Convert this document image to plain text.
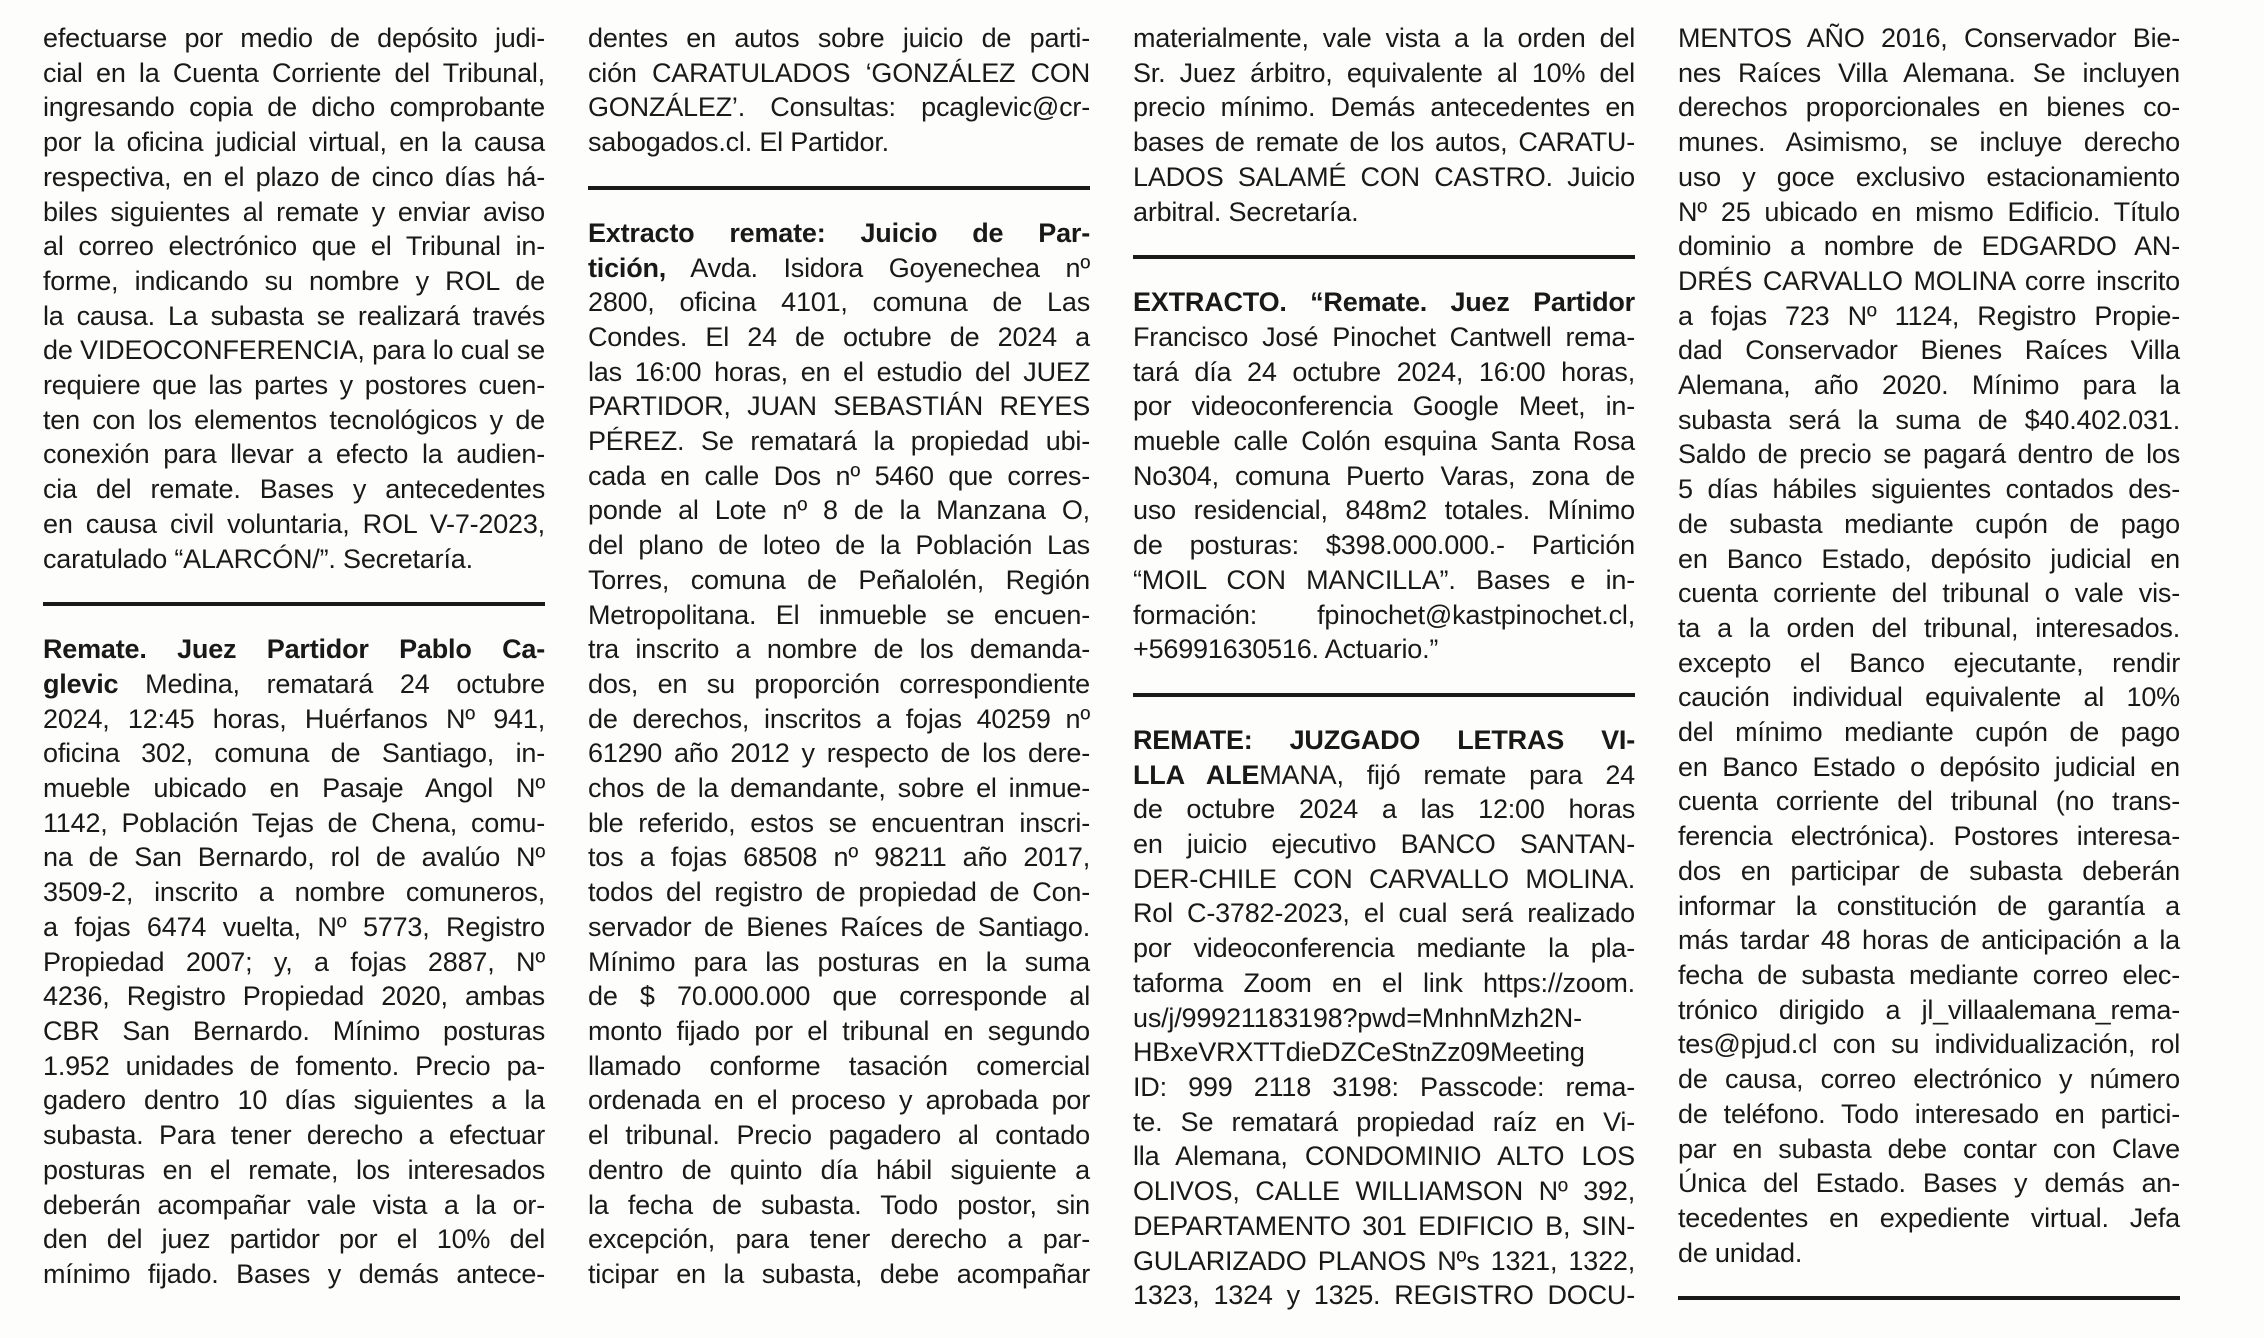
efectuarse por medio de depósito judi-
cial en la Cuenta Corriente del Tribunal,
ingresando copia de dicho comprobante
por la oficina judicial virtual, en la causa
respectiva, en el plazo de cinco días há-
biles siguientes al remate y enviar aviso
al correo electrónico que el Tribunal in-
forme, indicando su nombre y ROL de
la causa. La subasta se realizará través
de VIDEOCONFERENCIA, para lo cual se
requiere que las partes y postores cuen-
ten con los elementos tecnológicos y de
conexión para llevar a efecto la audien-
cia del remate. Bases y antecedentes
en causa civil voluntaria, ROL V-7-2023,
caratulado “ALARCÓN/”. Secretaría.
Remate. Juez Partidor Pablo Ca-
glevic Medina, rematará 24 octubre
2024, 12:45 horas, Huérfanos Nº 941,
oficina 302, comuna de Santiago, in-
mueble ubicado en Pasaje Angol Nº
1142, Población Tejas de Chena, comu-
na de San Bernardo, rol de avalúo Nº
3509-2, inscrito a nombre comuneros,
a fojas 6474 vuelta, Nº 5773, Registro
Propiedad 2007; y, a fojas 2887, Nº
4236, Registro Propiedad 2020, ambas
CBR San Bernardo. Mínimo posturas
1.952 unidades de fomento. Precio pa-
gadero dentro 10 días siguientes a la
subasta. Para tener derecho a efectuar
posturas en el remate, los interesados
deberán acompañar vale vista a la or-
den del juez partidor por el 10% del
mínimo fijado. Bases y demás antece-
dentes en autos sobre juicio de parti-
ción CARATULADOS ‘GONZÁLEZ CON
GONZÁLEZ’. Consultas: pcaglevic@cr-
sabogados.cl. El Partidor.
Extracto remate: Juicio de Par-
tición, Avda. Isidora Goyenechea nº
2800, oficina 4101, comuna de Las
Condes. El 24 de octubre de 2024 a
las 16:00 horas, en el estudio del JUEZ
PARTIDOR, JUAN SEBASTIÁN REYES
PÉREZ. Se rematará la propiedad ubi-
cada en calle Dos nº 5460 que corres-
ponde al Lote nº 8 de la Manzana O,
del plano de loteo de la Población Las
Torres, comuna de Peñalolén, Región
Metropolitana. El inmueble se encuen-
tra inscrito a nombre de los demanda-
dos, en su proporción correspondiente
de derechos, inscritos a fojas 40259 nº
61290 año 2012 y respecto de los dere-
chos de la demandante, sobre el inmue-
ble referido, estos se encuentran inscri-
tos a fojas 68508 nº 98211 año 2017,
todos del registro de propiedad de Con-
servador de Bienes Raíces de Santiago.
Mínimo para las posturas en la suma
de $ 70.000.000 que corresponde al
monto fijado por el tribunal en segundo
llamado conforme tasación comercial
ordenada en el proceso y aprobada por
el tribunal. Precio pagadero al contado
dentro de quinto día hábil siguiente a
la fecha de subasta. Todo postor, sin
excepción, para tener derecho a par-
ticipar en la subasta, debe acompañar
materialmente, vale vista a la orden del
Sr. Juez árbitro, equivalente al 10% del
precio mínimo. Demás antecedentes en
bases de remate de los autos, CARATU-
LADOS SALAMÉ CON CASTRO. Juicio
arbitral. Secretaría.
EXTRACTO. “Remate. Juez Partidor
Francisco José Pinochet Cantwell rema-
tará día 24 octubre 2024, 16:00 horas,
por videoconferencia Google Meet, in-
mueble calle Colón esquina Santa Rosa
No304, comuna Puerto Varas, zona de
uso residencial, 848m2 totales. Mínimo
de posturas: $398.000.000.- Partición
“MOIL CON MANCILLA”. Bases e in-
formación: fpinochet@kastpinochet.cl,
+56991630516. Actuario.”
REMATE: JUZGADO LETRAS VI-
LLA ALEMANA, fijó remate para 24
de octubre 2024 a las 12:00 horas
en juicio ejecutivo BANCO SANTAN-
DER-CHILE CON CARVALLO MOLINA.
Rol C-3782-2023, el cual será realizado
por videoconferencia mediante la pla-
taforma Zoom en el link https://zoom.
us/j/99921183198?pwd=MnhnMzh2N-
HBxeVRXTTdieDZCeStnZz09Meeting
ID: 999 2118 3198: Passcode: rema-
te. Se rematará propiedad raíz en Vi-
lla Alemana, CONDOMINIO ALTO LOS
OLIVOS, CALLE WILLIAMSON Nº 392,
DEPARTAMENTO 301 EDIFICIO B, SIN-
GULARIZADO PLANOS Nºs 1321, 1322,
1323, 1324 y 1325. REGISTRO DOCU-
MENTOS AÑO 2016, Conservador Bie-
nes Raíces Villa Alemana. Se incluyen
derechos proporcionales en bienes co-
munes. Asimismo, se incluye derecho
uso y goce exclusivo estacionamiento
Nº 25 ubicado en mismo Edificio. Título
dominio a nombre de EDGARDO AN-
DRÉS CARVALLO MOLINA corre inscrito
a fojas 723 Nº 1124, Registro Propie-
dad Conservador Bienes Raíces Villa
Alemana, año 2020. Mínimo para la
subasta será la suma de $40.402.031.
Saldo de precio se pagará dentro de los
5 días hábiles siguientes contados des-
de subasta mediante cupón de pago
en Banco Estado, depósito judicial en
cuenta corriente del tribunal o vale vis-
ta a la orden del tribunal, interesados.
excepto el Banco ejecutante, rendir
caución individual equivalente al 10%
del mínimo mediante cupón de pago
en Banco Estado o depósito judicial en
cuenta corriente del tribunal (no trans-
ferencia electrónica). Postores interesa-
dos en participar de subasta deberán
informar la constitución de garantía a
más tardar 48 horas de anticipación a la
fecha de subasta mediante correo elec-
trónico dirigido a jl_villaalemana_rema-
tes@pjud.cl con su individualización, rol
de causa, correo electrónico y número
de teléfono. Todo interesado en partici-
par en subasta debe contar con Clave
Única del Estado. Bases y demás an-
tecedentes en expediente virtual. Jefa
de unidad.
